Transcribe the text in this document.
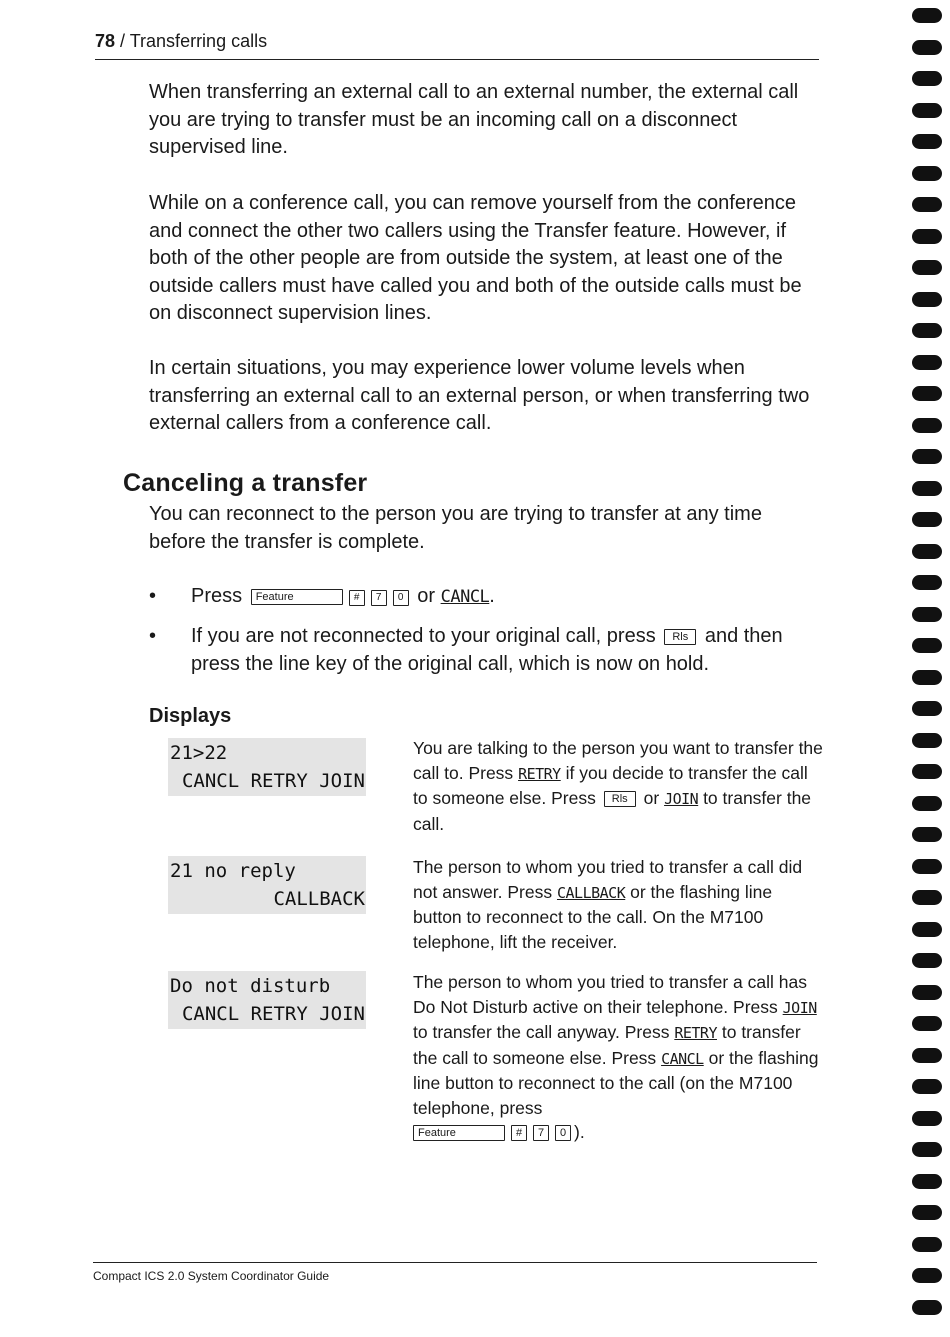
78 / Transferring calls

When transferring an external call to an external number, the external call you are trying to transfer must be an incoming call on a disconnect supervised line.

While on a conference call, you can remove yourself from the conference and connect the other two callers using the Transfer feature. However, if both of the other people are from outside the system, at least one of the outside callers must have called you and both of the outside calls must be on disconnect supervision lines.

In certain situations, you may experience lower volume levels when transferring an external call to an external person, or when transferring two external callers from a conference call.

Canceling a transfer

You can reconnect to the person you are trying to transfer at any time before the transfer is complete.

• Press Feature	# 7 0 or CANCL.
• If you are not reconnected to your original call, press Rls and then press the line key of the original call, which is now on hold.
Displays
21>22
CANCL RETRY JOIN

You are talking to the person you want to transfer the call to. Press RETRY if you decide to transfer the call to someone else. Press Rls or JOIN to transfer the call.

21 no reply
CALLBACK

The person to whom you tried to transfer a call did not answer. Press CALLBACK or the flashing line button to reconnect to the call. On the M7100 telephone, lift the receiver.

Do not disturb
CANCL RETRY JOIN

The person to whom you tried to transfer a call has Do Not Disturb active on their telephone. Press JOIN to transfer the call anyway. Press RETRY to transfer the call to someone else. Press CANCL or the flashing line button to reconnect to the call (on the M7100 telephone, press
Feature	# 7 0 ).

Compact ICS 2.0 System Coordinator Guide
